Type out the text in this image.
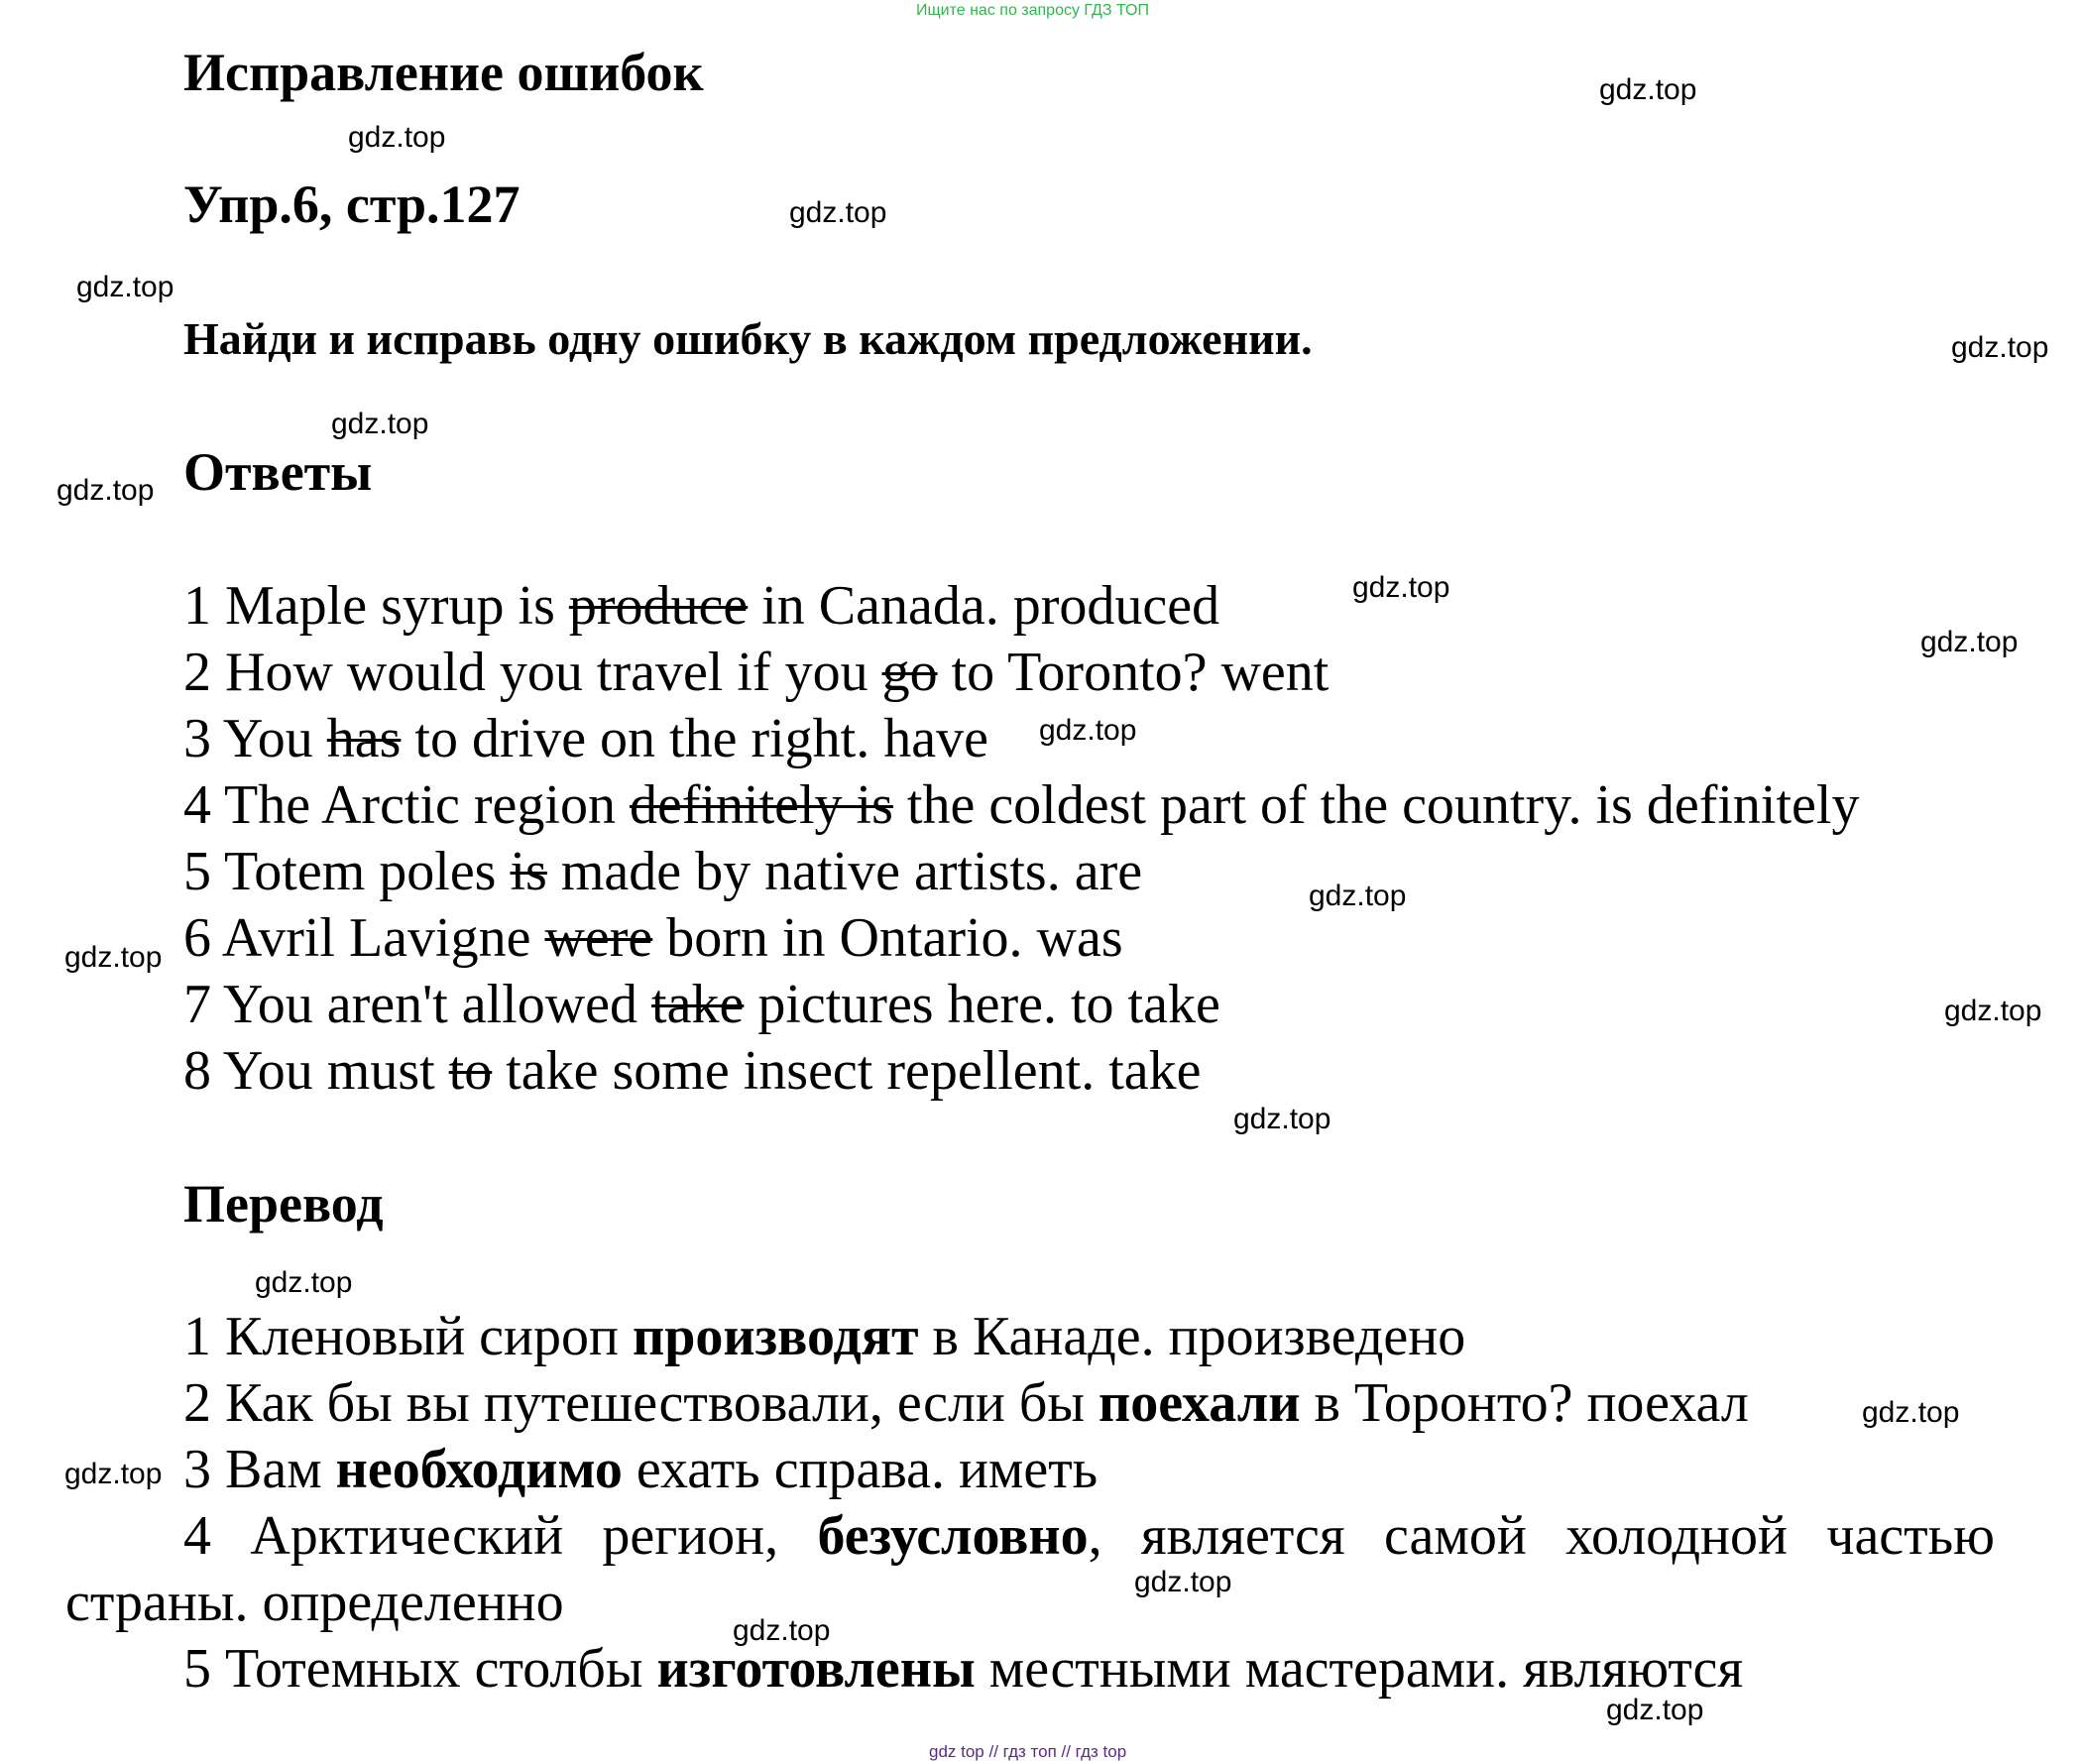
Ищите нас по запросу ГДЗ ТОП
Исправление ошибок
Упр.6, стр.127
Найди и исправь одну ошибку в каждом предложении.
Ответы
1 Maple syrup is produce in Canada. produced
2 How would you travel if you go to Toronto? went
3 You has to drive on the right. have
4 The Arctic region definitely is the coldest part of the country. is definitely
5 Totem poles is made by native artists. are
6 Avril Lavigne were born in Ontario. was
7 You aren't allowed take pictures here. to take
8 You must to take some insect repellent. take
Перевод
1 Кленовый сироп производят в Канаде. произведено
2 Как бы вы путешествовали, если бы поехали в Торонто? поехал
3 Вам необходимо ехать справа. иметь
4 Арктический регион, безусловно, является самой холодной частью
страны. определенно
5 Тотемных столбы изготовлены местными мастерами. являются
gdz.top
gdz.top
gdz.top
gdz.top
gdz.top
gdz.top
gdz.top
gdz.top
gdz.top
gdz.top
gdz.top
gdz.top
gdz.top
gdz.top
gdz.top
gdz.top
gdz.top
gdz.top
gdz.top
gdz.top
gdz top // гдз топ // гдз top
